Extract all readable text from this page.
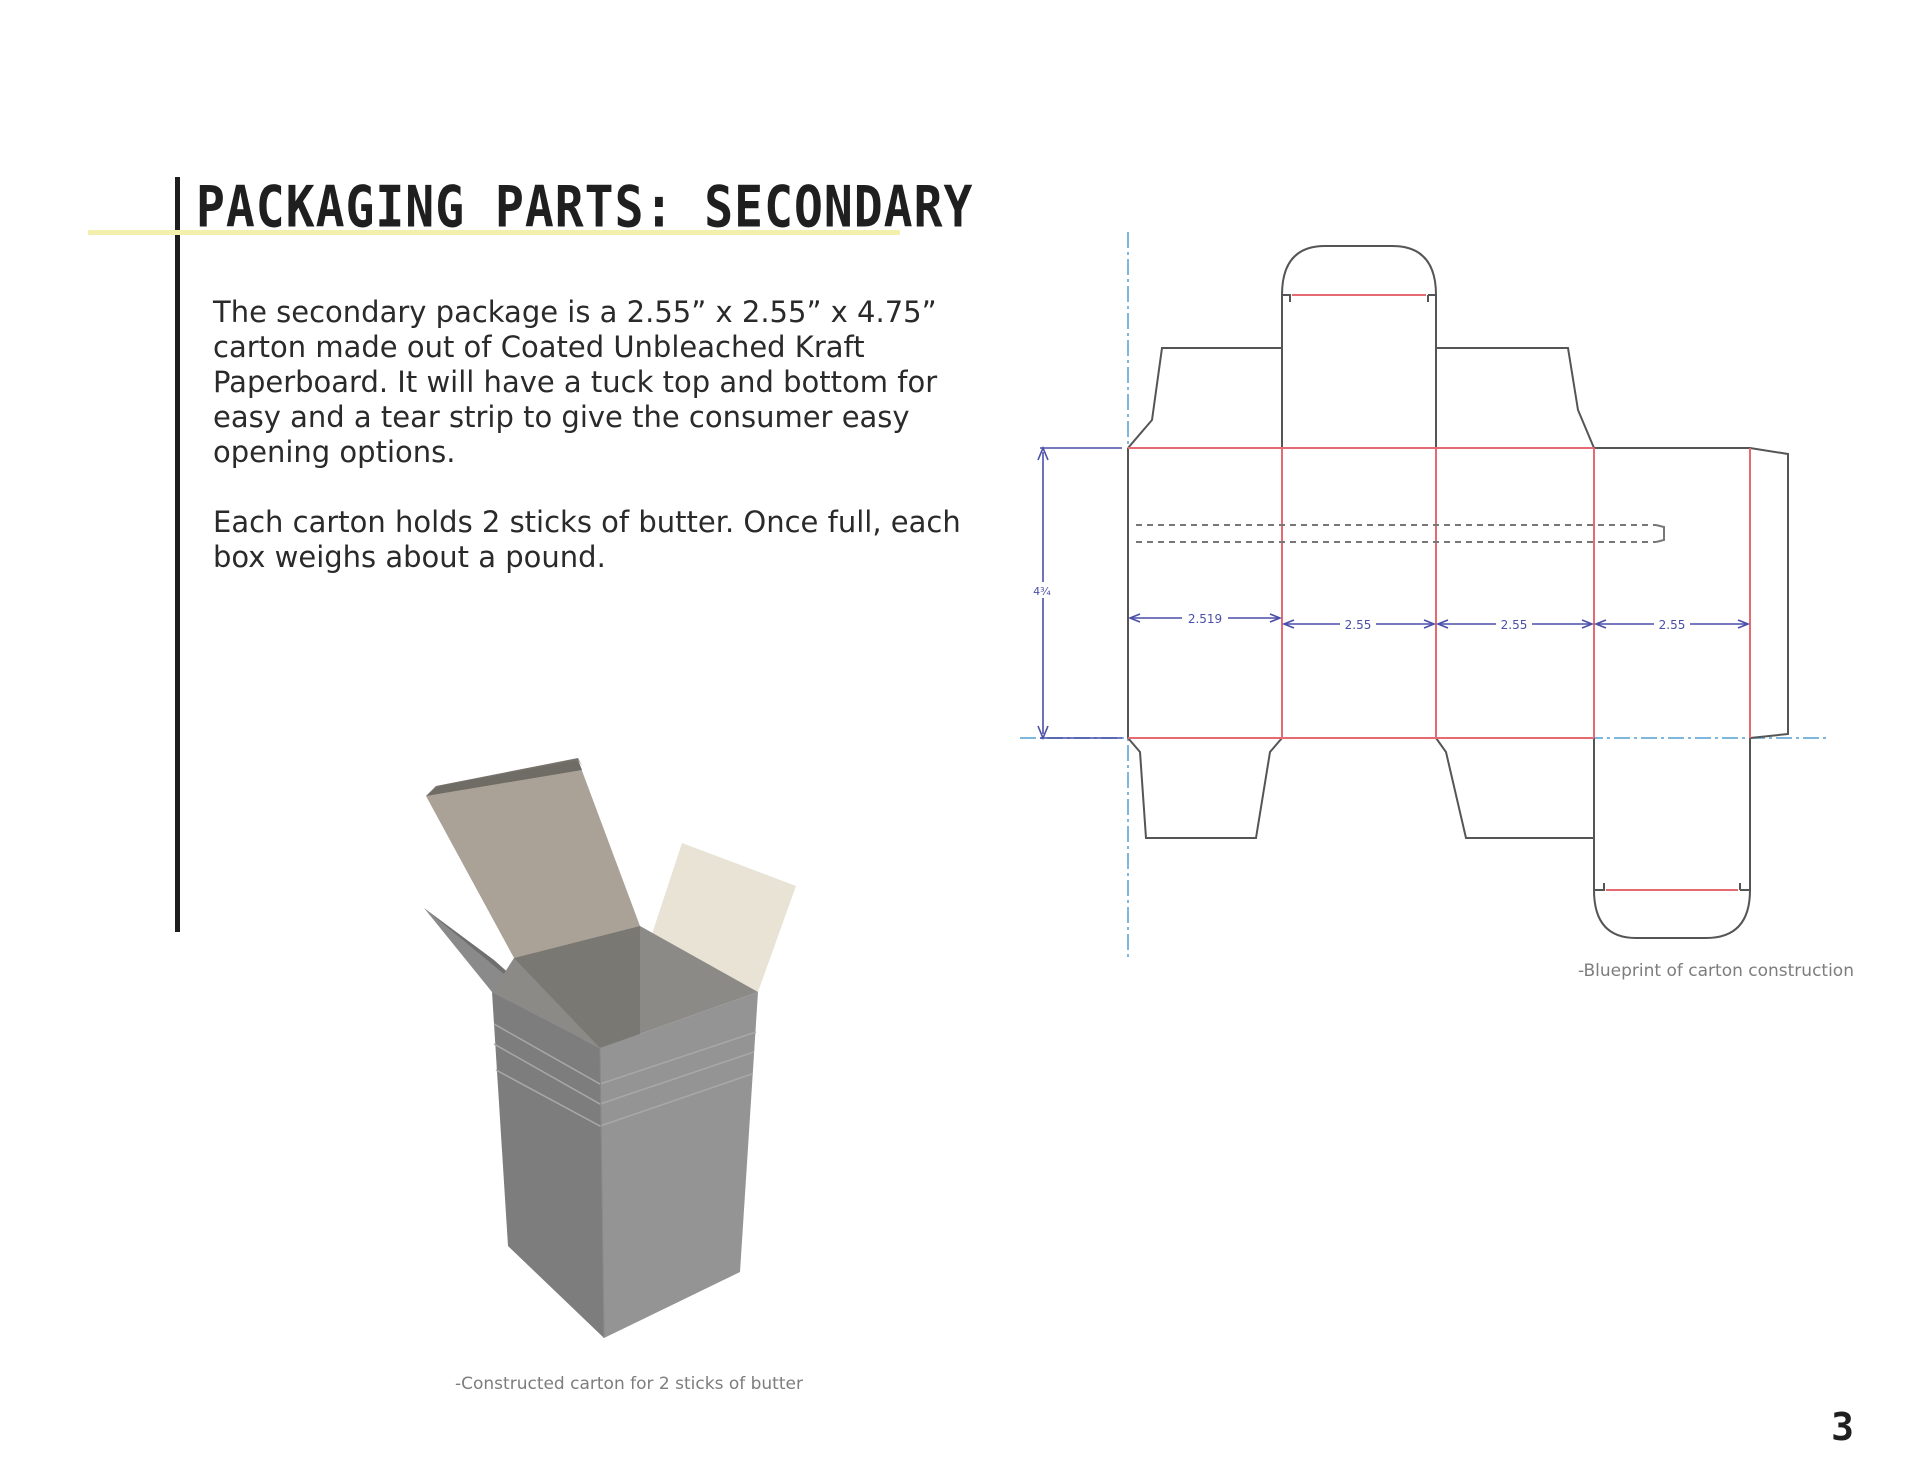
PACKAGING PARTS: SECONDARY

The secondary package is a 2.55” x 2.55” x 4.75” carton made out of Coated Unbleached Kraft Paperboard. It will have a tuck top and bottom for easy and a tear strip to give the consumer easy opening options.

Each carton holds 2 sticks of butter. Once full, each box weighs about a pound.

2.519	2.55	2.55	2.55
4¾
-Blueprint of carton construction
-Constructed carton for 2 sticks of butter
3
